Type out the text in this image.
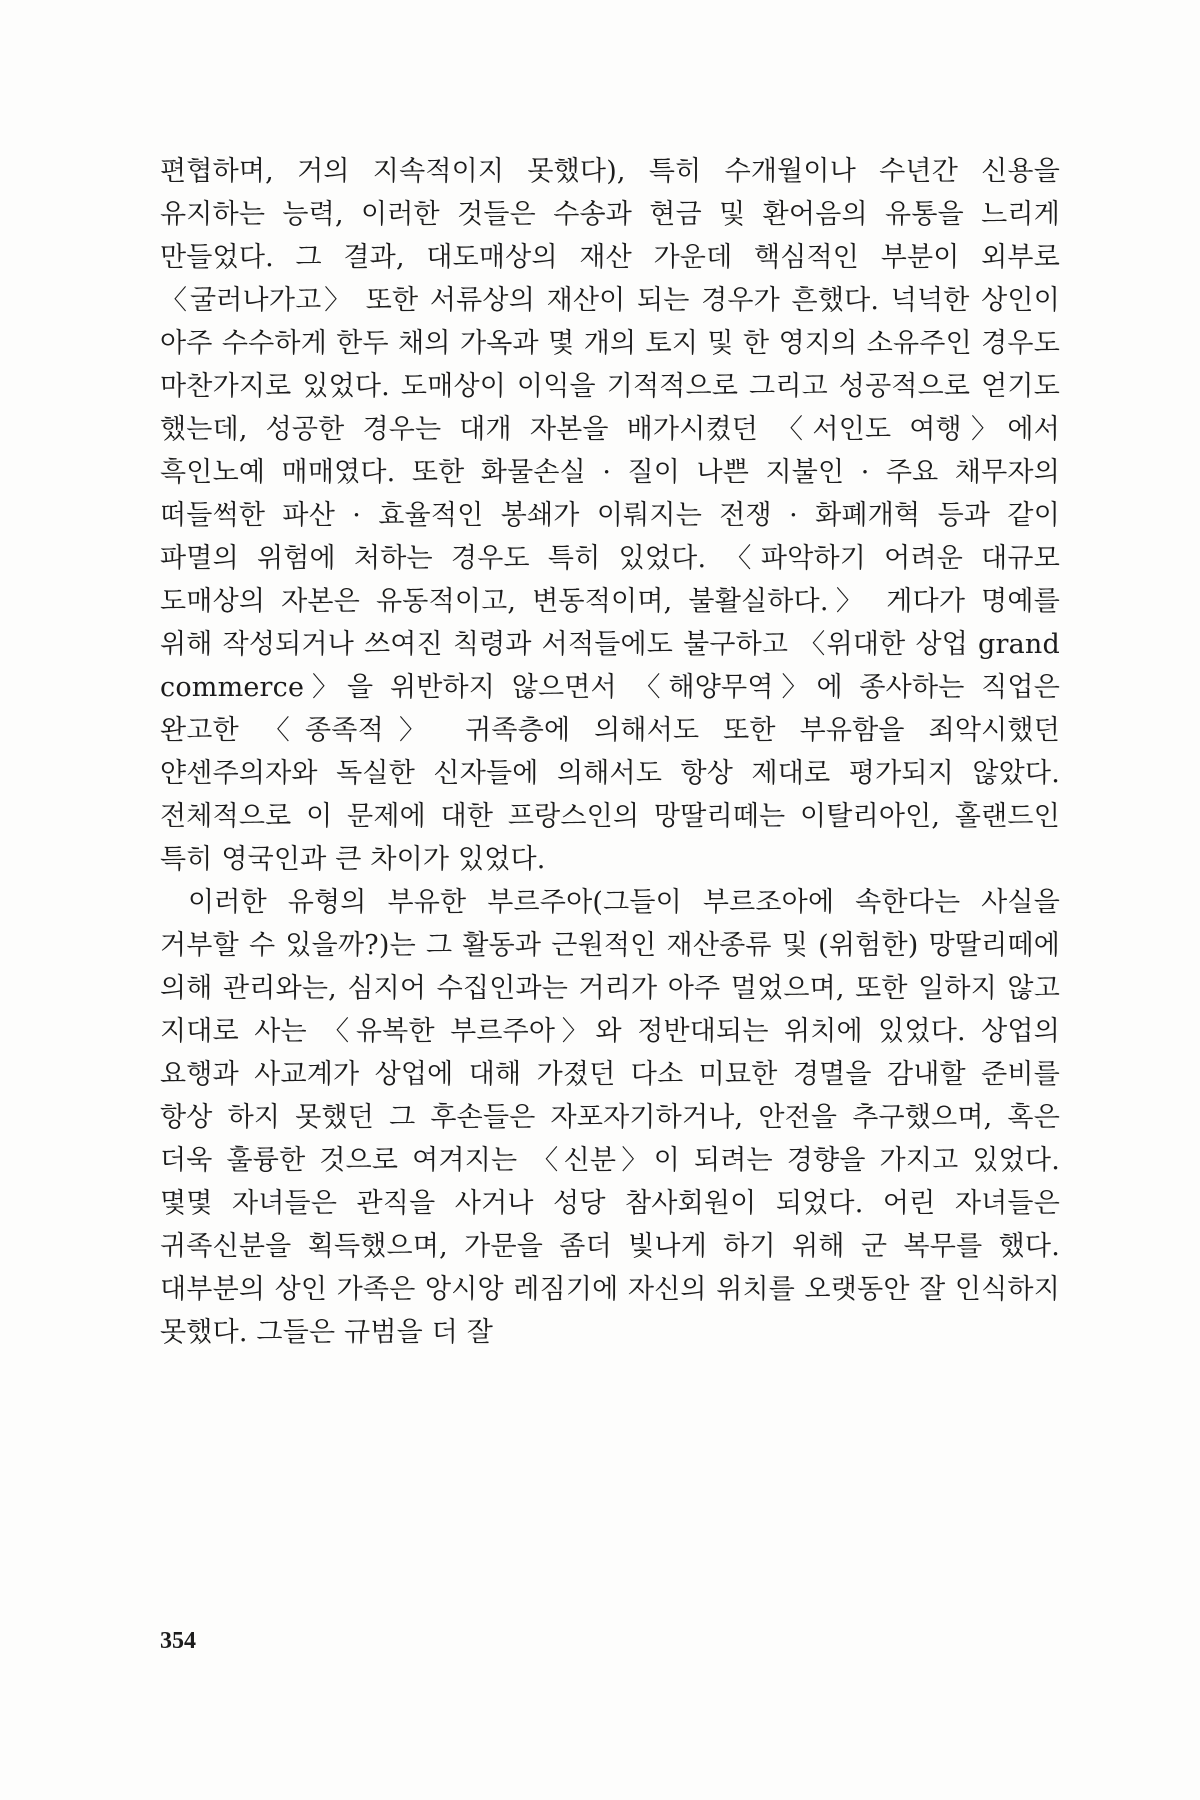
편협하며, 거의 지속적이지 못했다), 특히 수개월이나 수년간 신용을 유지하는 능력, 이러한 것들은 수송과 현금 및 환어음의 유통을 느리게 만들었다. 그 결과, 대도매상의 재산 가운데 핵심적인 부분이 외부로 〈굴러나가고〉 또한 서류상의 재산이 되는 경우가 흔했다. 넉넉한 상인이 아주 수수하게 한두 채의 가옥과 몇 개의 토지 및 한 영지의 소유주인 경우도 마찬가지로 있었다. 도매상이 이익을 기적적으로 그리고 성공적으로 얻기도 했는데, 성공한 경우는 대개 자본을 배가시켰던 〈서인도 여행〉에서 흑인노예 매매였다. 또한 화물손실 · 질이 나쁜 지불인 · 주요 채무자의 떠들썩한 파산 · 효율적인 봉쇄가 이뤄지는 전쟁 · 화폐개혁 등과 같이 파멸의 위험에 처하는 경우도 특히 있었다. 〈파악하기 어려운 대규모 도매상의 자본은 유동적이고, 변동적이며, 불활실하다.〉 게다가 명예를 위해 작성되거나 쓰여진 칙령과 서적들에도 불구하고 〈위대한 상업 grand commerce〉을 위반하지 않으면서 〈해양무역〉에 종사하는 직업은 완고한 〈종족적〉 귀족층에 의해서도 또한 부유함을 죄악시했던 얀센주의자와 독실한 신자들에 의해서도 항상 제대로 평가되지 않았다. 전체적으로 이 문제에 대한 프랑스인의 망딸리떼는 이탈리아인, 홀랜드인 특히 영국인과 큰 차이가 있었다.

이러한 유형의 부유한 부르주아(그들이 부르조아에 속한다는 사실을 거부할 수 있을까?)는 그 활동과 근원적인 재산종류 및 (위험한) 망딸리떼에 의해 관리와는, 심지어 수집인과는 거리가 아주 멀었으며, 또한 일하지 않고 지대로 사는 〈유복한 부르주아〉와 정반대되는 위치에 있었다. 상업의 요행과 사교계가 상업에 대해 가졌던 다소 미묘한 경멸을 감내할 준비를 항상 하지 못했던 그 후손들은 자포자기하거나, 안전을 추구했으며, 혹은 더욱 훌륭한 것으로 여겨지는 〈신분〉이 되려는 경향을 가지고 있었다. 몇몇 자녀들은 관직을 사거나 성당 참사회원이 되었다. 어린 자녀들은 귀족신분을 획득했으며, 가문을 좀더 빛나게 하기 위해 군 복무를 했다. 대부분의 상인 가족은 앙시앙 레짐기에 자신의 위치를 오랫동안 잘 인식하지 못했다. 그들은 규범을 더 잘

354
